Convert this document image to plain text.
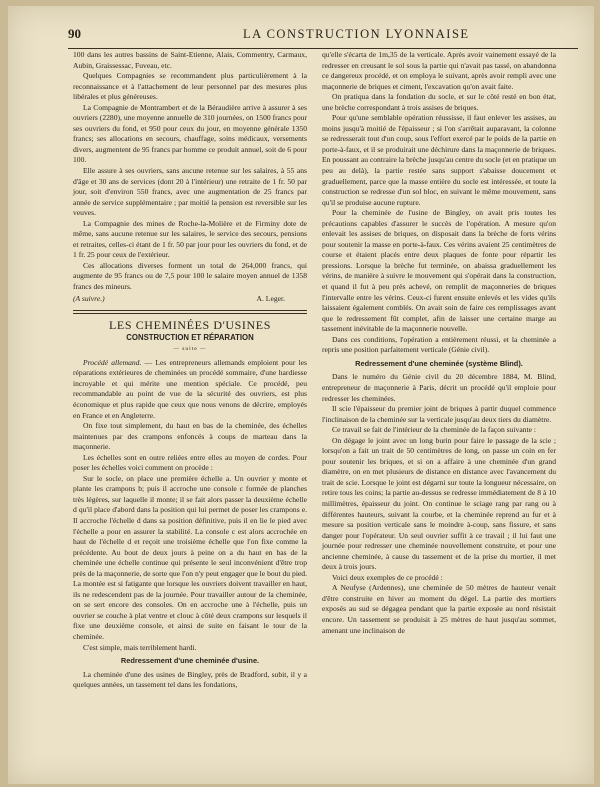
90	LA CONSTRUCTION LYONNAISE

100 dans les autres bassins de Saint-Etienne, Alais, Commentry, Carmaux, Aubin, Graissessac, Fuveau, etc.

Quelques Compagnies se recommandent plus particulièrement à la reconnaissance et à l'attachement de leur personnel par des mesures plus libérales et plus généreuses.

La Compagnie de Montrambert et de la Béraudière arrive à assurer à ses ouvriers (2280), une moyenne annuelle de 310 journées, on 1500 francs pour ses ouvriers du fond, et 950 pour ceux du jour, en moyenne générale 1350 francs; ses allocations en secours, chauffage, soins médicaux, versements divers, augmentent de 95 francs par homme ce produit annuel, soit de 6 pour 100.

Elle assure à ses ouvriers, sans aucune retenue sur les salaires, à 55 ans d'âge et 30 ans de services (dont 20 à l'intérieur) une retraite de 1 fr. 50 par jour, soit d'environ 550 francs, avec une augmentation de 25 francs par année de service supplémentaire ; par moitié la pension est reversible sur les veuves.

La Compagnie des mines de Roche-la-Molière et de Firminy dote de même, sans aucune retenue sur les salaires, le service des secours, pensions et retraites, celles-ci étant de 1 fr. 50 par jour pour les ouvriers du fond, et de 1 fr. 25 pour ceux de l'extérieur.

Ces allocations diverses forment un total de 264,000 francs, qui augmente de 95 francs ou de 7,5 pour 100 le salaire moyen annuel de 1358 francs des mineurs.

(A suivre.)	A. Leger.
LES CHEMINÉES D'USINES
CONSTRUCTION ET RÉPARATION
— suite —

Procédé allemand. — Les entrepreneurs allemands emploient pour les réparations extérieures de cheminées un procédé sommaire, d'une hardiesse incroyable et qui mérite une mention spéciale. Ce procédé, peu recommandable au point de vue de la sécurité des ouvriers, est plus économique et plus rapide que ceux que nous venons de décrire, employés en France et en Angleterre.

On fixe tout simplement, du haut en bas de la cheminée, des échelles maintenues par des crampons enfoncés à coups de marteau dans la maçonnerie.

Les échelles sont en outre reliées entre elles au moyen de cordes. Pour poser les échelles voici comment on procède :

Sur le socle, on place une première échelle a. Un ouvrier y monte et plante les crampons b; puis il accroche une console c formée de planches très légères, sur laquelle il monte; il se fait alors passer la deuxième échelle d qu'il place d'abord dans la position qui lui permet de poser les crampons e. Il accroche l'échelle d dans sa position définitive, puis il en lie le pied avec l'échelle a pour en assurer la stabilité. La console c est alors accrochée en haut de l'échelle d et reçoit une troisième échelle que l'on fixe comme la précédente. Au bout de deux jours à peine on a du haut en bas de la cheminée une échelle continue qui présente le seul inconvénient d'être trop près de la maçonnerie, de sorte que l'on n'y peut engager que le bout du pied. La montée est si fatigante que lorsque les ouvriers doivent travailler en haut, ils ne redescendent pas de la journée. Pour travailler autour de la cheminée, on se sert encore des consoles. On en accroche une à l'échelle, puis un ouvrier se couche à plat ventre et clouc à côté deux crampons sur lesquels il fixe une deuxième console, et ainsi de suite en faisant le tour de la cheminée.

C'est simple, mais terriblement hardi.

Redressement d'une cheminée d'usine.

La cheminée d'une des usines de Bingley, près de Bradford, subit, il y a quelques années, un tassement tel dans les fondations,

qu'elle s'écarta de 1m,35 de la verticale. Après avoir vainement essayé de la redresser en creusant le sol sous la partie qui n'avait pas tassé, on abandonna ce dangereux procédé, et on employa le suivant, après avoir rempli avec une maçonnerie de briques et ciment, l'excavation qu'on avait faite.

On pratiqua dans la fondation du socle, et sur le côté resté en bon état, une brèche correspondant à trois assises de briques.

Pour qu'une semblable opération réussisse, il faut enlever les assises, au moins jusqu'à moitié de l'épaisseur ; si l'on s'arrêtait auparavant, la colonne se redresserait tout d'un coup, sous l'effort exercé par le poids de la partie en porte-à-faux, et il se produirait une déchirure dans la maçonnerie de briques. En poussant au contraire la brèche jusqu'au centre du socle (et en pratique un peu au delà), la partie restée sans support s'abaisse doucement et graduellement, parce que la masse entière du socle est intéressée, et toute la construction se redresse d'un sol bloc, en suivant le même mouvement, sans qu'il se produise aucune rupture.

Pour la cheminée de l'usine de Bingley, on avait pris toutes les précautions capables d'assurer le succès de l'opération. A mesure qu'on enlevait les assises de briques, on disposait dans la brèche de forts vérins pour soutenir la masse en porte-à-faux. Ces vérins avaient 25 centimètres de course et étaient placés entre deux plaques de fonte pour répartir les pressions. Lorsque la brèche fut terminée, on abaissa graduellement les vérins, de manière à suivre le mouvement qui s'opérait dans la construction, et quand il fut à peu près achevé, on remplit de maçonneries de briques l'intervalle entre les vérins. Ceux-ci furent ensuite enlevés et les vides qu'ils laissaient également comblés. On avait soin de faire ces remplissages avant que le redressement fût complet, afin de laisser une certaine marge au tassement inévitable de la maçonnerie nouvelle.

Dans ces conditions, l'opération a entièrement réussi, et la cheminée a repris une position parfaitement verticale (Génie civil).

Redressement d'une cheminée (système Blind).

Dans le numéro du Génie civil du 20 décembre 1884, M. Blind, entrepreneur de maçonnerie à Paris, décrit un procédé qu'il emploie pour redresser les cheminées.

Il scie l'épaisseur du premier joint de briques à partir duquel commence l'inclinaison de la cheminée sur la verticale jusqu'au deux tiers du diamètre.

Ce travail se fait de l'intérieur de la cheminée de la façon suivante :

On dégage le joint avec un long burin pour faire le passage de la scie ; lorsqu'on a fait un trait de 50 centimètres de long, on passe un coin en fer pour soutenir les briques, et si on a affaire à une cheminée d'un grand diamètre, on en met plusieurs de distance en distance avec l'avancement du trait de scie. Lorsque le joint est dégarni sur toute la longueur nécessaire, on retire tous les coins; la partie au-dessus se redresse immédiatement de 8 à 10 millimètres, épaisseur du joint. On continue le sciage rang par rang ou à différentes hauteurs, suivant la courbe, et la cheminée reprend au fur et à mesure sa position verticale sans le moindre à-coup, sans fissure, et sans danger pour l'opérateur. Un seul ouvrier suffit à ce travail ; il lui faut une journée pour redresser une cheminée nouvellement construite, et pour une ancienne cheminée, à cause du tassement et de la prise du mortier, il met deux à trois jours.

Voici deux exemples de ce procédé :

A Neufyse (Ardennes), une cheminée de 50 mètres de hauteur venait d'être construite en hiver au moment du dégel. La partie des mortiers exposés au sud se dégagea pendant que la partie exposée au nord résistait encore. Un tassement se produisit à 25 mètres de haut jusqu'au sommet, amenant une inclinaison de
